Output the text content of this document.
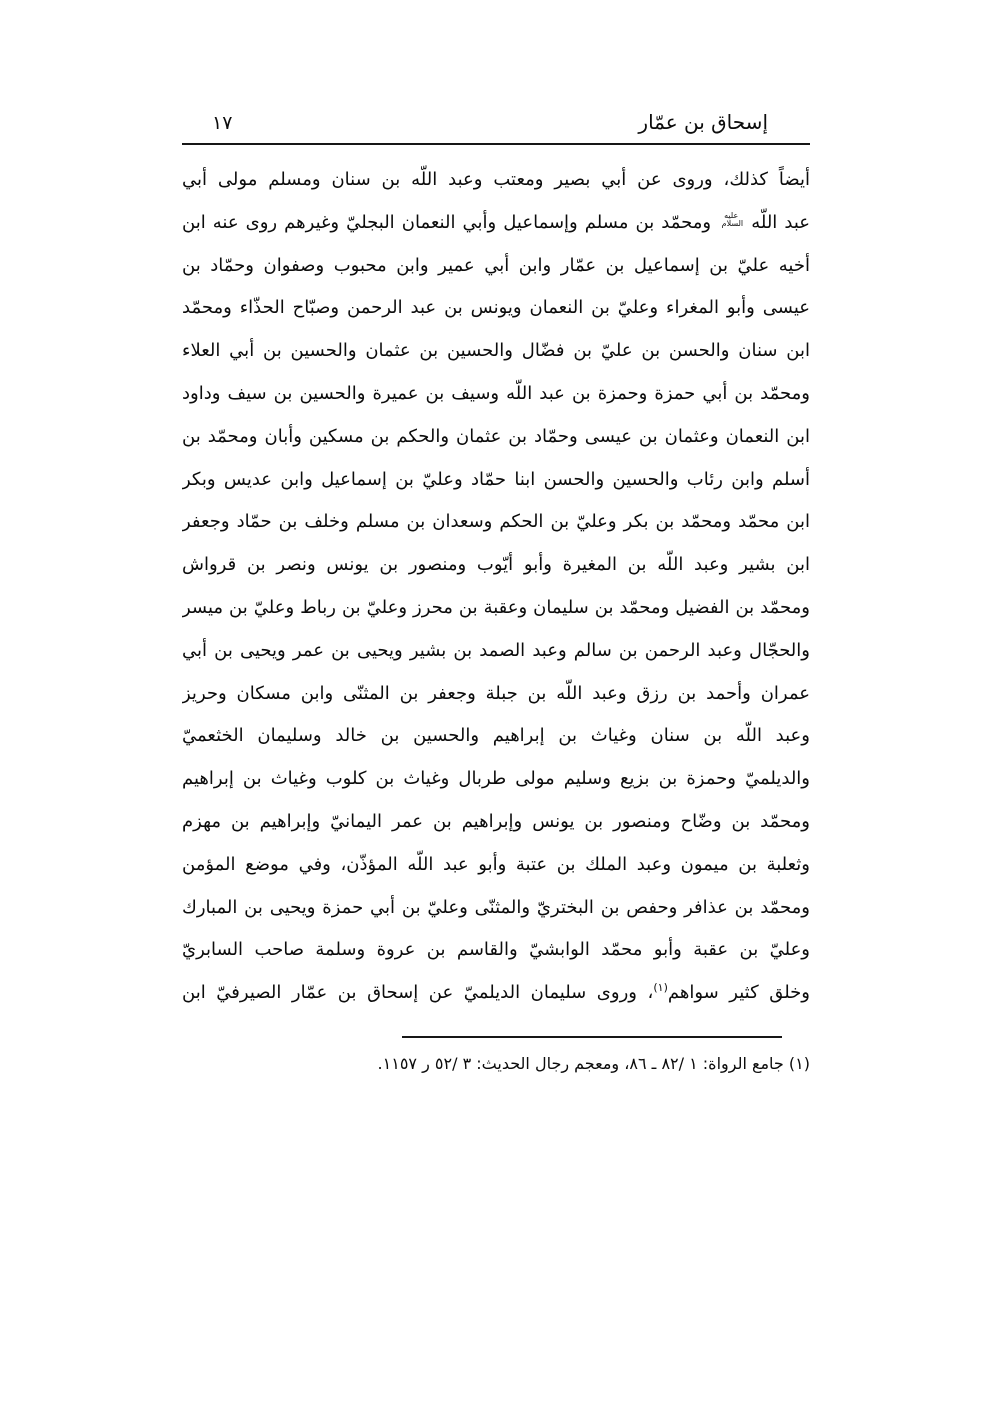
١٧	إسحاق بن عمّار
أيضاً كذلك، وروى عن أبي بصير ومعتب وعبد اللّه بن سنان ومسلم مولى أبي
عبد اللّه عليه السلام ومحمّد بن مسلم وإسماعيل وأبي النعمان البجليّ وغيرهم روى عنه ابن
أخيه عليّ بن إسماعيل بن عمّار وابن أبي عمير وابن محبوب وصفوان وحمّاد بن
عيسى وأبو المغراء وعليّ بن النعمان ويونس بن عبد الرحمن وصبّاح الحذّاء ومحمّد
ابن سنان والحسن بن عليّ بن فضّال والحسين بن عثمان والحسين بن أبي العلاء
ومحمّد بن أبي حمزة وحمزة بن عبد اللّه وسيف بن عميرة والحسين بن سيف وداود
ابن النعمان وعثمان بن عيسى وحمّاد بن عثمان والحكم بن مسكين وأبان ومحمّد بن
أسلم وابن رئاب والحسين والحسن ابنا حمّاد وعليّ بن إسماعيل وابن عديس وبكر
ابن محمّد ومحمّد بن بكر وعليّ بن الحكم وسعدان بن مسلم وخلف بن حمّاد وجعفر
ابن بشير وعبد اللّه بن المغيرة وأبو أيّوب ومنصور بن يونس ونصر بن قرواش
ومحمّد بن الفضيل ومحمّد بن سليمان وعقبة بن محرز وعليّ بن رباط وعليّ بن ميسر
والحجّال وعبد الرحمن بن سالم وعبد الصمد بن بشير ويحيى بن عمر ويحيى بن أبي
عمران وأحمد بن رزق وعبد اللّه بن جبلة وجعفر بن المثنّى وابن مسكان وحريز
وعبد اللّه بن سنان وغياث بن إبراهيم والحسين بن خالد وسليمان الخثعميّ
والديلميّ وحمزة بن بزيع وسليم مولى طربال وغياث بن كلوب وغياث بن إبراهيم
ومحمّد بن وضّاح ومنصور بن يونس وإبراهيم بن عمر اليمانيّ وإبراهيم بن مهزم
وثعلبة بن ميمون وعبد الملك بن عتبة وأبو عبد اللّه المؤذّن، وفي موضع المؤمن
ومحمّد بن عذافر وحفص بن البختريّ والمثنّى وعليّ بن أبي حمزة ويحيى بن المبارك
وعليّ بن عقبة وأبو محمّد الوابشيّ والقاسم بن عروة وسلمة صاحب السابريّ
وخلق كثير سواهم$^{(١)}$، وروى سليمان الديلميّ عن إسحاق بن عمّار الصيرفيّ ابن
(١) جامع الرواة: ١ /٨٢ ـ ٨٦، ومعجم رجال الحديث: ٣ /٥٢ ر ١١٥٧.
